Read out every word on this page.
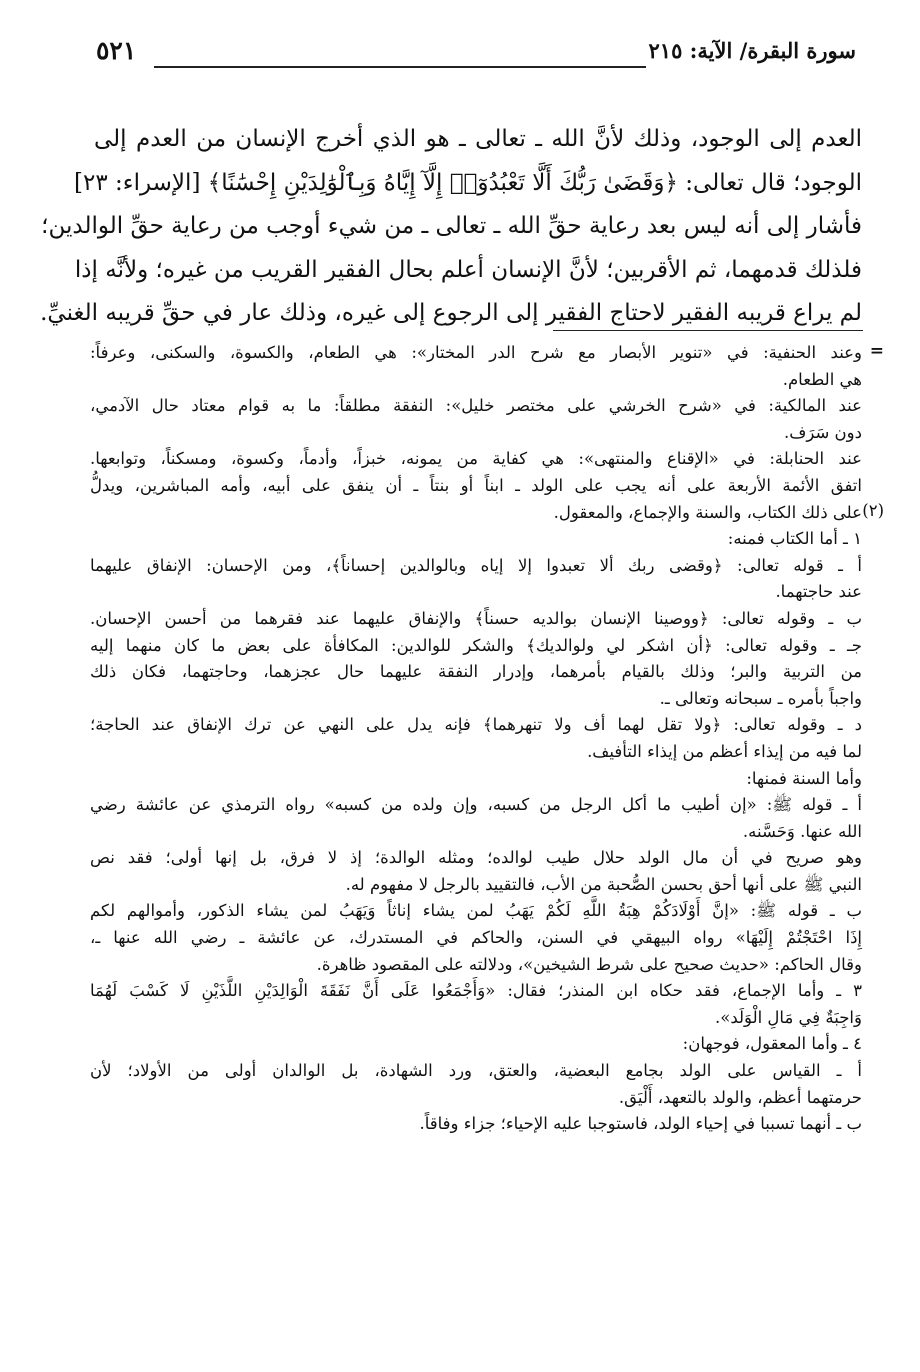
٥٢١	سورة البقرة/ الآية: ٢١٥

العدم إلى الوجود، وذلك لأنَّ الله ـ تعالى ـ هو الذي أخرج الإنسان من العدم إلى

الوجود؛ قال تعالى: ﴿وَقَضَىٰ رَبُّكَ أَلَّا تَعْبُدُوٓا۟ إِلَّآ إِيَّاهُ وَبِٱلْوَٰلِدَيْنِ إِحْسَٰنًا﴾ [الإسراء: ٢٣]

فأشار إلى أنه ليس بعد رعاية حقِّ الله ـ تعالى ـ من شيء أوجب من رعاية حقِّ الوالدين؛

فلذلك قدمهما، ثم الأقربين؛ لأنَّ الإنسان أعلم بحال الفقير القريب من غيره؛ ولأنَّه إذا

لم يراع قريبه الفقير لاحتاج الفقير إلى الرجوع إلى غيره، وذلك عار في حقِّ قريبه الغنيِّ.

=
(٢)

وعند الحنفية: في «تنوير الأبصار مع شرح الدر المختار»: هي الطعام، والكسوة، والسكنى، وعرفاً:

هي الطعام.

عند المالكية: في «شرح الخرشي على مختصر خليل»: النفقة مطلقاً: ما به قوام معتاد حال الآدمي،

دون سَرَف.

عند الحنابلة: في «الإقناع والمنتهى»: هي كفاية من يمونه، خبزاً، وأدماً، وكسوة، ومسكناً، وتوابعها.

اتفق الأئمة الأربعة على أنه يجب على الولد ـ ابناً أو بنتاً ـ أن ينفق على أبيه، وأمه المباشرين، ويدلُّ

على ذلك الكتاب، والسنة والإجماع، والمعقول.

١ ـ أما الكتاب فمنه:

أ ـ قوله تعالى: ﴿وقضى ربك ألا تعبدوا إلا إياه وبالوالدين إحساناً﴾، ومن الإحسان: الإنفاق عليهما

عند حاجتهما.

ب ـ وقوله تعالى: ﴿ووصينا الإنسان بوالديه حسناً﴾ والإنفاق عليهما عند فقرهما من أحسن الإحسان.

جـ ـ وقوله تعالى: ﴿أن اشكر لي ولوالديك﴾ والشكر للوالدين: المكافأة على بعض ما كان منهما إليه

من التربية والبر؛ وذلك بالقيام بأمرهما، وإدرار النفقة عليهما حال عجزهما، وحاجتهما، فكان ذلك

واجباً بأمره ـ سبحانه وتعالى ـ.

د ـ وقوله تعالى: ﴿ولا تقل لهما أف ولا تنهرهما﴾ فإنه يدل على النهي عن ترك الإنفاق عند الحاجة؛

لما فيه من إيذاء أعظم من إيذاء التأفيف.

وأما السنة فمنها:

أ ـ قوله ﷺ: «إن أطيب ما أكل الرجل من كسبه، وإن ولده من كسبه» رواه الترمذي عن عائشة رضي

الله عنها. وَحَسَّنه.

وهو صريح في أن مال الولد حلال طيب لوالده؛ ومثله الوالدة؛ إذ لا فرق، بل إنها أولى؛ فقد نص

النبي ﷺ على أنها أحق بحسن الصُّحبة من الأب، فالتقييد بالرجل لا مفهوم له.

ب ـ قوله ﷺ: «إنَّ أَوْلَادَكُمْ هِبَةُ اللَّهِ لَكُمْ يَهَبُ لمن يشاء إناثاً وَيَهَبُ لمن يشاء الذكور، وأموالهم لكم

إِذَا احْتَجْتُمْ إِلَيْهَا» رواه البيهقي في السنن، والحاكم في المستدرك، عن عائشة ـ رضي الله عنها ـ،

وقال الحاكم: «حديث صحيح على شرط الشيخين»، ودلالته على المقصود ظاهرة.

٣ ـ وأما الإجماع، فقد حكاه ابن المنذر؛ فقال: «وَأَجْمَعُوا عَلَى أَنَّ نَفَقَةَ الْوَالِدَيْنِ اللَّذَيْنِ لَا كَسْبَ لَهُمَا

وَاجِبَةٌ فِي مَالِ الْوَلَد».

٤ ـ وأما المعقول، فوجهان:

أ ـ القياس على الولد بجامع البعضية، والعتق، ورد الشهادة، بل الوالدان أولى من الأولاد؛ لأن

حرمتهما أعظم، والولد بالتعهد، أَلْيَق.

ب ـ أنهما تسببا في إحياء الولد، فاستوجبا عليه الإحياء؛ جزاء وفاقاً.
